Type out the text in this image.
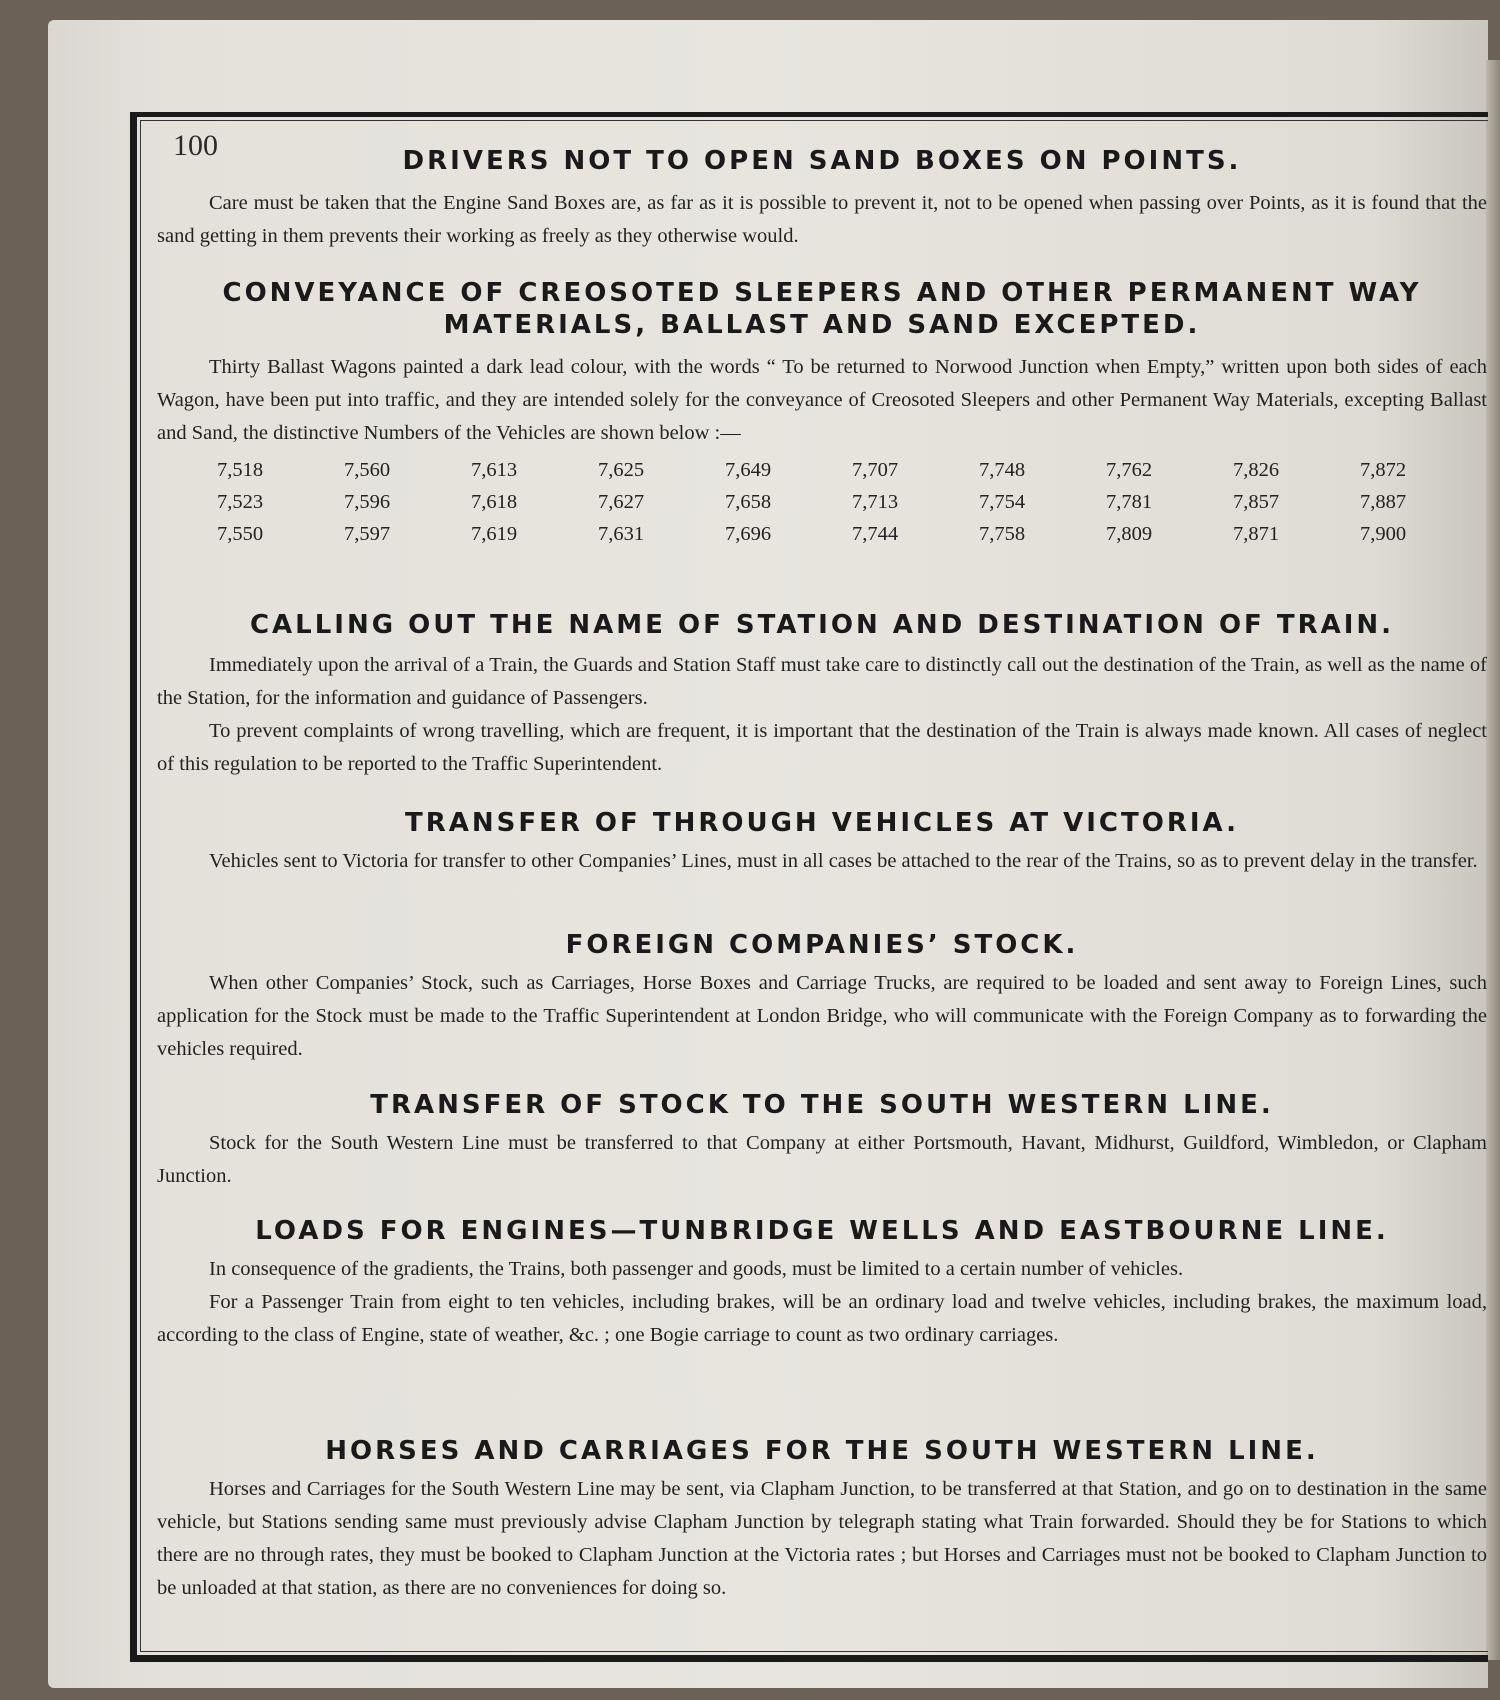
100	DRIVERS NOT TO OPEN SAND BOXES ON POINTS.

Care must be taken that the Engine Sand Boxes are, as far as it is possible to prevent it, not to be opened when passing over Points, as it is found that the sand getting in them prevents their working as freely as they otherwise would.

CONVEYANCE OF CREOSOTED SLEEPERS AND OTHER PERMANENT WAY
MATERIALS, BALLAST AND SAND EXCEPTED.

Thirty Ballast Wagons painted a dark lead colour, with the words “ To be returned to Norwood Junction when Empty,” written upon both sides of each Wagon, have been put into traffic, and they are intended solely for the conveyance of Creosoted Sleepers and other Permanent Way Materials, excepting Ballast and Sand, the distinctive Numbers of the Vehicles are shown below :—

7,518	7,560	7,613	7,625	7,649	7,707	7,748	7,762	7,826	7,872
7,523	7,596	7,618	7,627	7,658	7,713	7,754	7,781	7,857	7,887
7,550	7,597	7,619	7,631	7,696	7,744	7,758	7,809	7,871	7,900
CALLING OUT THE NAME OF STATION AND DESTINATION OF TRAIN.

Immediately upon the arrival of a Train, the Guards and Station Staff must take care to distinctly call out the destination of the Train, as well as the name of the Station, for the information and guidance of Passengers.

To prevent complaints of wrong travelling, which are frequent, it is important that the destination of the Train is always made known. All cases of neglect of this regulation to be reported to the Traffic Superintendent.

TRANSFER OF THROUGH VEHICLES AT VICTORIA.

Vehicles sent to Victoria for transfer to other Companies’ Lines, must in all cases be attached to the rear of the Trains, so as to prevent delay in the transfer.

FOREIGN COMPANIES’ STOCK.

When other Companies’ Stock, such as Carriages, Horse Boxes and Carriage Trucks, are required to be loaded and sent away to Foreign Lines, such application for the Stock must be made to the Traffic Superintendent at London Bridge, who will communicate with the Foreign Company as to forwarding the vehicles required.

TRANSFER OF STOCK TO THE SOUTH WESTERN LINE.

Stock for the South Western Line must be transferred to that Company at either Portsmouth, Havant, Midhurst, Guildford, Wimbledon, or Clapham Junction.

LOADS FOR ENGINES—TUNBRIDGE WELLS AND EASTBOURNE LINE.

In consequence of the gradients, the Trains, both passenger and goods, must be limited to a certain number of vehicles.

For a Passenger Train from eight to ten vehicles, including brakes, will be an ordinary load and twelve vehicles, including brakes, the maximum load, according to the class of Engine, state of weather, &c. ; one Bogie carriage to count as two ordinary carriages.

HORSES AND CARRIAGES FOR THE SOUTH WESTERN LINE.

Horses and Carriages for the South Western Line may be sent, via Clapham Junction, to be transferred at that Station, and go on to destination in the same vehicle, but Stations sending same must previously advise Clapham Junction by telegraph stating what Train forwarded. Should they be for Stations to which there are no through rates, they must be booked to Clapham Junction at the Victoria rates ; but Horses and Carriages must not be booked to Clapham Junction to be unloaded at that station, as there are no conveniences for doing so.
